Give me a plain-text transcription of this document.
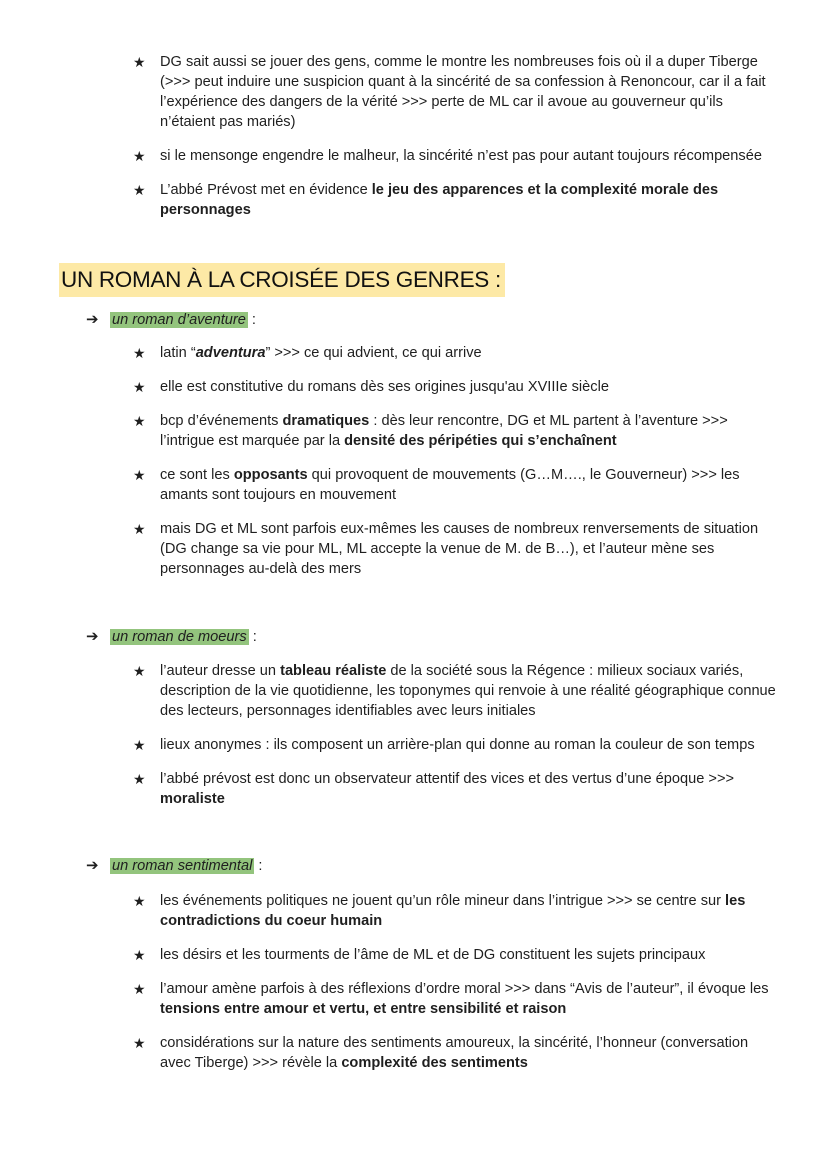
★ DG sait aussi se jouer des gens, comme le montre les nombreuses fois où il a duper Tiberge (>>> peut induire une suspicion quant à la sincérité de sa confession à Renoncour, car il a fait l’expérience des dangers de la vérité >>> perte de ML car il avoue au gouverneur qu’ils n’étaient pas mariés)

★ si le mensonge engendre le malheur, la sincérité n’est pas pour autant toujours récompensée

★ L’abbé Prévost met en évidence le jeu des apparences et la complexité morale des personnages

UN ROMAN À LA CROISÉE DES GENRES :
➔ un roman d’aventure :
★ latin “adventura” >>> ce qui advient, ce qui arrive

★ elle est constitutive du romans dès ses origines jusqu'au XVIIIe siècle

★ bcp d’événements dramatiques : dès leur rencontre, DG et ML partent à l’aventure >>> l’intrigue est marquée par la densité des péripéties qui s’enchaînent

★ ce sont les opposants qui provoquent de mouvements (G…M…., le Gouverneur) >>> les amants sont toujours en mouvement

★ mais DG et ML sont parfois eux-mêmes les causes de nombreux renversements de situation (DG change sa vie pour ML, ML accepte la venue de M. de B…), et l’auteur mène ses personnages au-delà des mers

➔ un roman de moeurs :
★ l’auteur dresse un tableau réaliste de la société sous la Régence : milieux sociaux variés, description de la vie quotidienne, les toponymes qui renvoie à une réalité géographique connue des lecteurs, personnages identifiables avec leurs initiales

★ lieux anonymes : ils composent un arrière-plan qui donne au roman la couleur de son temps

★ l’abbé prévost est donc un observateur attentif des vices et des vertus d’une époque >>> moraliste

➔ un roman sentimental :
★ les événements politiques ne jouent qu’un rôle mineur dans l’intrigue >>> se centre sur les contradictions du coeur humain

★ les désirs et les tourments de l’âme de ML et de DG constituent les sujets principaux

★ l’amour amène parfois à des réflexions d’ordre moral >>> dans “Avis de l’auteur”, il évoque les tensions entre amour et vertu, et entre sensibilité et raison

★ considérations sur la nature des sentiments amoureux, la sincérité, l’honneur (conversation avec Tiberge) >>> révèle la complexité des sentiments
